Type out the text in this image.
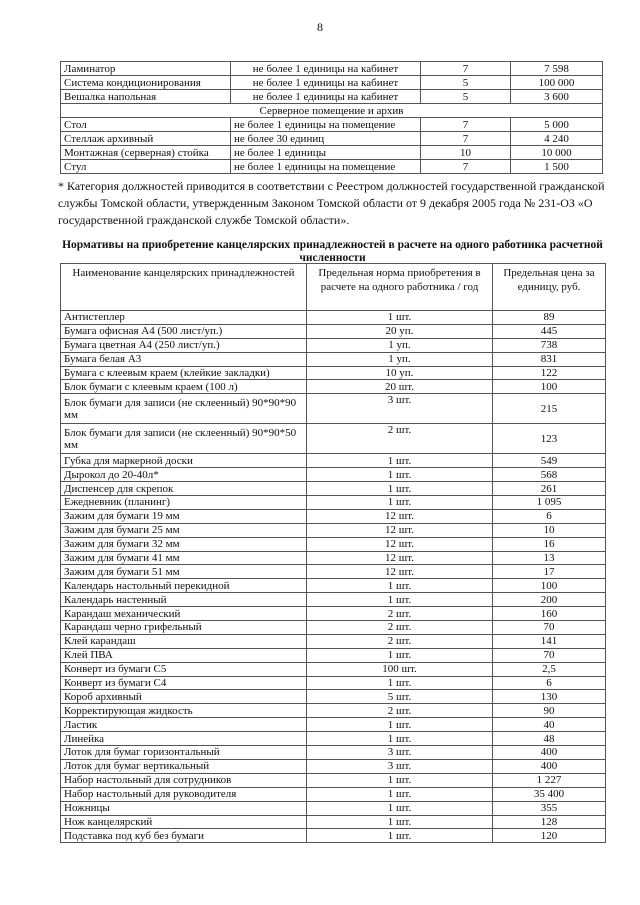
8
Ламинатор	не более 1 единицы на кабинет	7	7 598
Система кондиционирования	не более 1 единицы на кабинет	5	100 000
Вешалка напольная	не более 1 единицы на кабинет	5	3 600
Серверное помещение и архив			
Стол	не более 1 единицы на помещение	7	5 000
Стеллаж архивный	не более 30 единиц	7	4 240
Монтажная (серверная) стойка	не более 1 единицы	10	10 000
Стул	не более 1 единицы на помещение	7	1 500
* Категория должностей приводится в соответствии с Реестром должностей государственной гражданской службы Томской области, утвержденным Законом Томской области от 9 декабря 2005 года № 231-ОЗ «О государственной гражданской службе Томской области».
Нормативы на приобретение канцелярских принадлежностей в расчете на одного работника расчетной численности
Наименование канцелярских принадлежностей	Предельная норма приобретения в расчете на одного работника / год	Предельная цена за единицу, руб.
Антистеплер	1 шт.	89
Бумага офисная А4 (500 лист/уп.)	20 уп.	445
Бумага цветная А4 (250 лист/уп.)	1 уп.	738
Бумага белая А3	1 уп.	831
Бумага с клеевым краем (клейкие закладки)	10 уп.	122
Блок бумаги с клеевым краем (100 л)	20 шт.	100
Блок бумаги для записи (не склеенный) 90*90*90 мм	3 шт.	215
Блок бумаги для записи (не склеенный) 90*90*50 мм	2 шт.	123
Губка для маркерной доски	1 шт.	549
Дырокол до 20-40л*	1 шт.	568
Диспенсер для скрепок	1 шт.	261
Ежедневник (планинг)	1 шт.	1 095
Зажим для бумаги 19 мм	12 шт.	6
Зажим для бумаги 25 мм	12 шт.	10
Зажим для бумаги 32 мм	12 шт.	16
Зажим для бумаги 41 мм	12 шт.	13
Зажим для бумаги 51 мм	12 шт.	17
Календарь настольный перекидной	1 шт.	100
Календарь настенный	1 шт.	200
Карандаш механический	2 шт.	160
Карандаш черно грифельный	2 шт.	70
Клей карандаш	2 шт.	141
Клей ПВА	1 шт.	70
Конверт из бумаги С5	100 шт.	2,5
Конверт из бумаги С4	1 шт.	6
Короб архивный	5 шт.	130
Корректирующая жидкость	2 шт.	90
Ластик	1 шт.	40
Линейка	1 шт.	48
Лоток для бумаг горизонтальный	3 шт.	400
Лоток для бумаг вертикальный	3 шт.	400
Набор настольный для сотрудников	1 шт.	1 227
Набор настольный для руководителя	1 шт.	35 400
Ножницы	1 шт.	355
Нож канцелярский	1 шт.	128
Подставка под куб без бумаги	1 шт.	120
